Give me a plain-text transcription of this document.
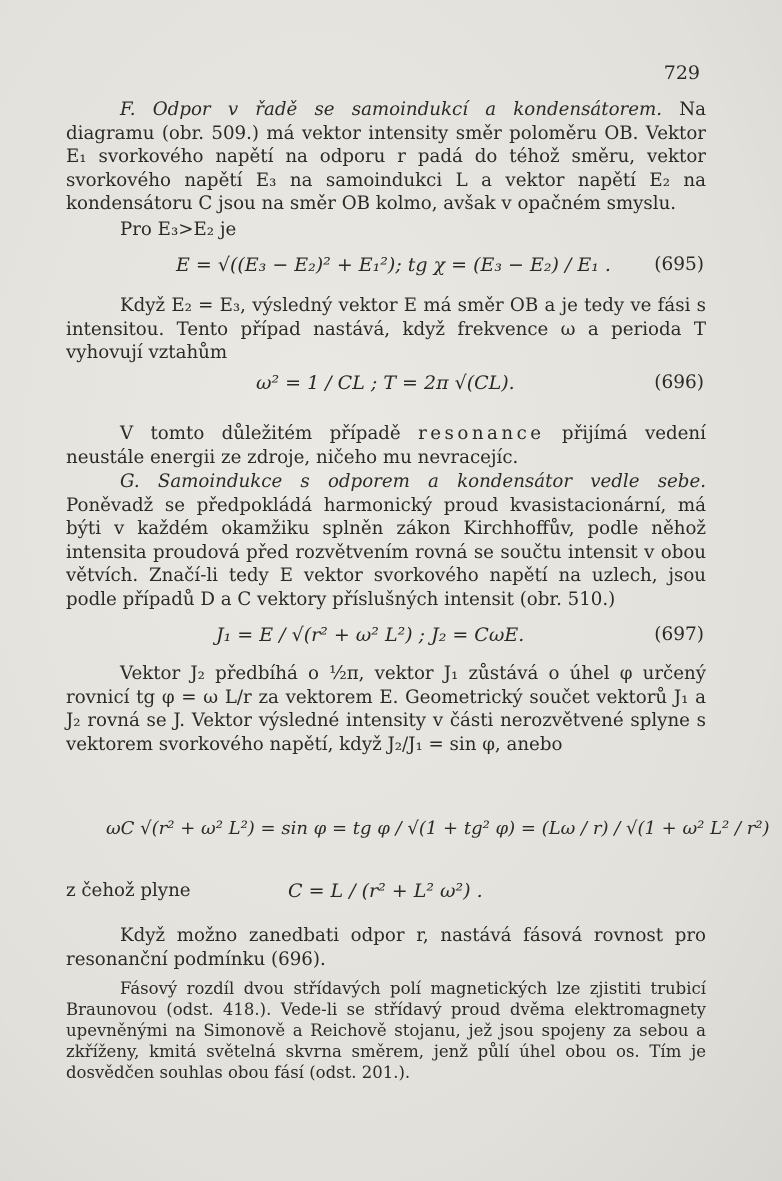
729

F. Odpor v řadě se samoindukcí a kondensátorem. Na diagramu (obr. 509.) má vektor intensity směr poloměru OB. Vektor E₁ svorkového napětí na odporu r padá do téhož směru, vektor svorkového napětí E₃ na samoindukci L a vektor napětí E₂ na kondensátoru C jsou na směr OB kolmo, avšak v opačném smyslu.

Pro E₃>E₂ je

E = √((E₃ − E₂)² + E₁²); tg χ = (E₃ − E₂) / E₁ . (695)

Když E₂ = E₃, výsledný vektor E má směr OB a je tedy ve fási s intensitou. Tento případ nastává, když frekvence ω a perioda T vyhovují vztahům

ω² = 1 / CL ; T = 2π √(CL).	(696)

V tomto důležitém případě resonance přijímá vedení neustále energii ze zdroje, ničeho mu nevracejíc.

G. Samoindukce s odporem a kondensátor vedle sebe. Poněvadž se předpokládá harmonický proud kvasistacionární, má býti v každém okamžiku splněn zákon Kirchhoffův, podle něhož intensita proudová před rozvětvením rovná se součtu intensit v obou větvích. Značí-li tedy E vektor svorkového napětí na uzlech, jsou podle případů D a C vektory příslušných intensit (obr. 510.)

J₁ = E / √(r² + ω² L²) ; J₂ = CωE.	(697)

Vektor J₂ předbíhá o ½π, vektor J₁ zůstává o úhel φ určený rovnicí tg φ = ω L/r za vektorem E. Geometrický součet vektorů J₁ a J₂ rovná se J. Vektor výsledné intensity v části nerozvětvené splyne s vektorem svorkového napětí, když J₂/J₁ = sin φ, anebo

ωC √(r² + ω² L²) = sin φ = tg φ / √(1 + tg² φ) = (Lω / r) / √(1 + ω² L² / r²)
z čehož plyne	C = L / (r² + L² ω²) .

Když možno zanedbati odpor r, nastává fásová rovnost pro resonanční podmínku (696).

Fásový rozdíl dvou střídavých polí magnetických lze zjistiti trubicí Braunovou (odst. 418.). Vede-li se střídavý proud dvěma elektromagnety upevněnými na Simonově a Reichově stojanu, jež jsou spojeny za sebou a zkříženy, kmitá světelná skvrna směrem, jenž půlí úhel obou os. Tím je dosvědčen souhlas obou fásí (odst. 201.).
